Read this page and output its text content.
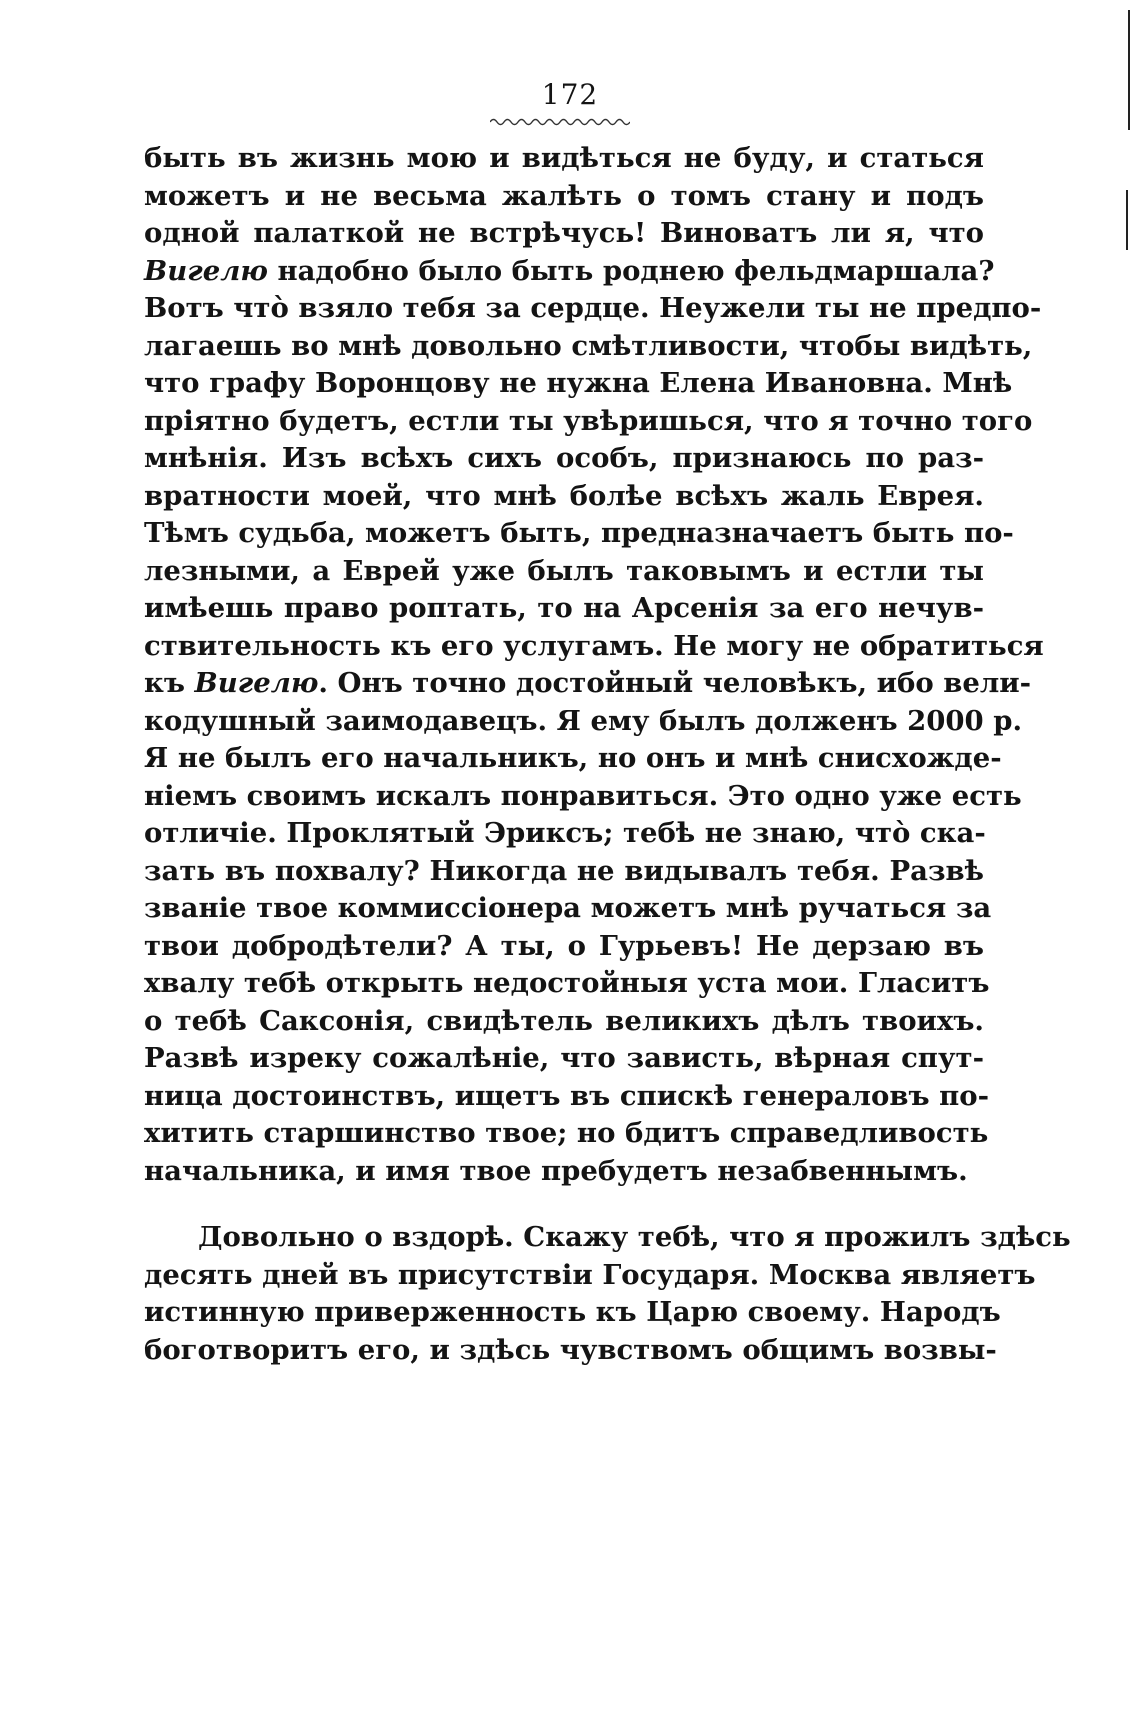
172
быть въ жизнь мою и видѣться не буду, и статься
можетъ и не весьма жалѣть о томъ стану и подъ
одной палаткой не встрѣчусь! Виноватъ ли я, что
Вигелю надобно было быть роднею фельдмаршала?
Вотъ что̀ взяло тебя за сердце. Неужели ты не предпо-
лагаешь во мнѣ довольно смѣтливости, чтобы видѣть,
что графу Воронцову не нужна Елена Ивановна. Мнѣ
пріятно будетъ, естли ты увѣришься, что я точно того
мнѣнія. Изъ всѣхъ сихъ особъ, признаюсь по раз-
вратности моей, что мнѣ болѣе всѣхъ жаль Еврея.
Тѣмъ судьба, можетъ быть, предназначаетъ быть по-
лезными, а Еврей уже былъ таковымъ и естли ты
имѣешь право роптать, то на Арсенія за его нечув-
ствительность къ его услугамъ. Не могу не обратиться
къ Вигелю. Онъ точно достойный человѣкъ, ибо вели-
кодушный заимодавецъ. Я ему былъ долженъ 2000 р.
Я не былъ его начальникъ, но онъ и мнѣ снисхожде-
ніемъ своимъ искалъ понравиться. Это одно уже есть
отличіе. Проклятый Эриксъ; тебѣ не знаю, что̀ ска-
зать въ похвалу? Никогда не видывалъ тебя. Развѣ
званіе твое коммиссіонера можетъ мнѣ ручаться за
твои добродѣтели? А ты, о Гурьевъ! Не дерзаю въ
хвалу тебѣ открыть недостойныя уста мои. Гласитъ
о тебѣ Саксонія, свидѣтель великихъ дѣлъ твоихъ.
Развѣ изреку сожалѣніе, что зависть, вѣрная спут-
ница достоинствъ, ищетъ въ спискѣ генераловъ по-
хитить старшинство твое; но бдитъ справедливость
начальника, и имя твое пребудетъ незабвеннымъ.
Довольно о вздорѣ. Скажу тебѣ, что я прожилъ здѣсь
десять дней въ присутствіи Государя. Москва являетъ
истинную приверженность къ Царю своему. Народъ
боготворитъ его, и здѣсь чувствомъ общимъ возвы-
